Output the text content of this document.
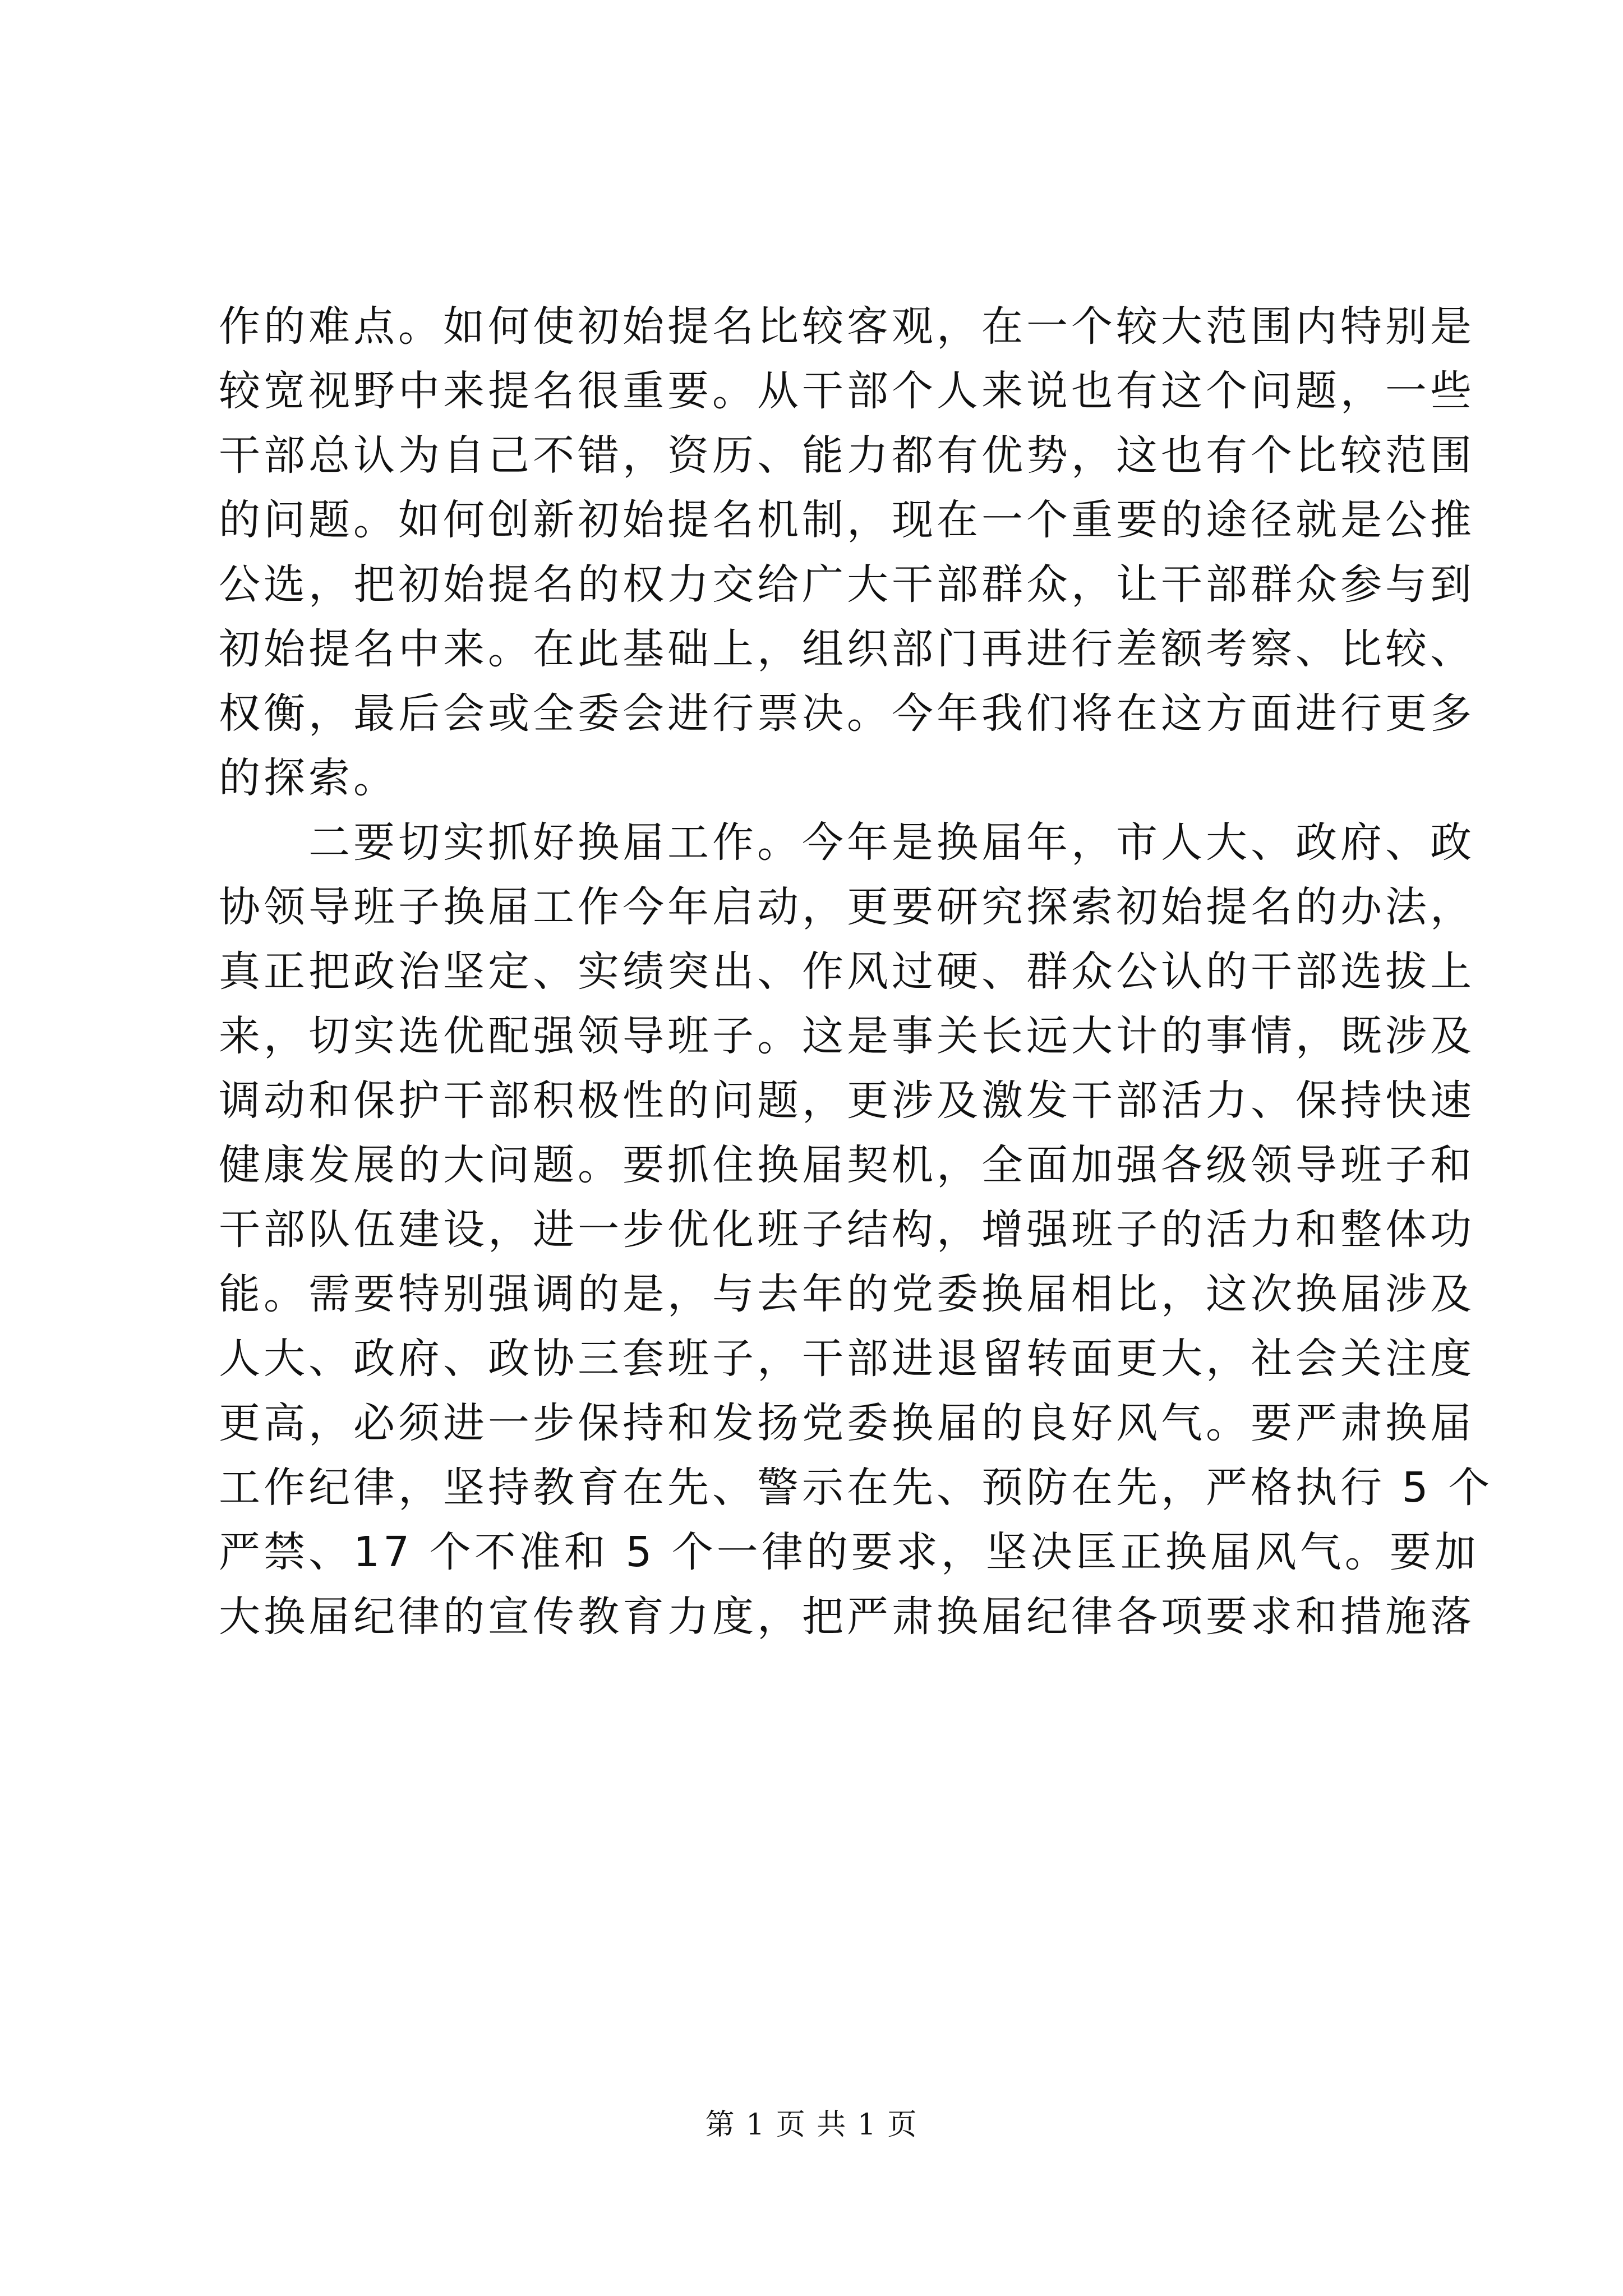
作的难点。如何使初始提名比较客观，在一个较大范围内特别是
较宽视野中来提名很重要。从干部个人来说也有这个问题，一些
干部总认为自己不错，资历、能力都有优势，这也有个比较范围
的问题。如何创新初始提名机制，现在一个重要的途径就是公推
公选，把初始提名的权力交给广大干部群众，让干部群众参与到
初始提名中来。在此基础上，组织部门再进行差额考察、比较、
权衡，最后会或全委会进行票决。今年我们将在这方面进行更多
的探索。
　　二要切实抓好换届工作。今年是换届年，市人大、政府、政
协领导班子换届工作今年启动，更要研究探索初始提名的办法，
真正把政治坚定、实绩突出、作风过硬、群众公认的干部选拔上
来，切实选优配强领导班子。这是事关长远大计的事情，既涉及
调动和保护干部积极性的问题，更涉及激发干部活力、保持快速
健康发展的大问题。要抓住换届契机，全面加强各级领导班子和
干部队伍建设，进一步优化班子结构，增强班子的活力和整体功
能。需要特别强调的是，与去年的党委换届相比，这次换届涉及
人大、政府、政协三套班子，干部进退留转面更大，社会关注度
更高，必须进一步保持和发扬党委换届的良好风气。要严肃换届
工作纪律，坚持教育在先、警示在先、预防在先，严格执行 5 个
严禁、17 个不准和 5 个一律的要求，坚决匡正换届风气。要加
大换届纪律的宣传教育力度，把严肃换届纪律各项要求和措施落
第 1 页 共 1 页
